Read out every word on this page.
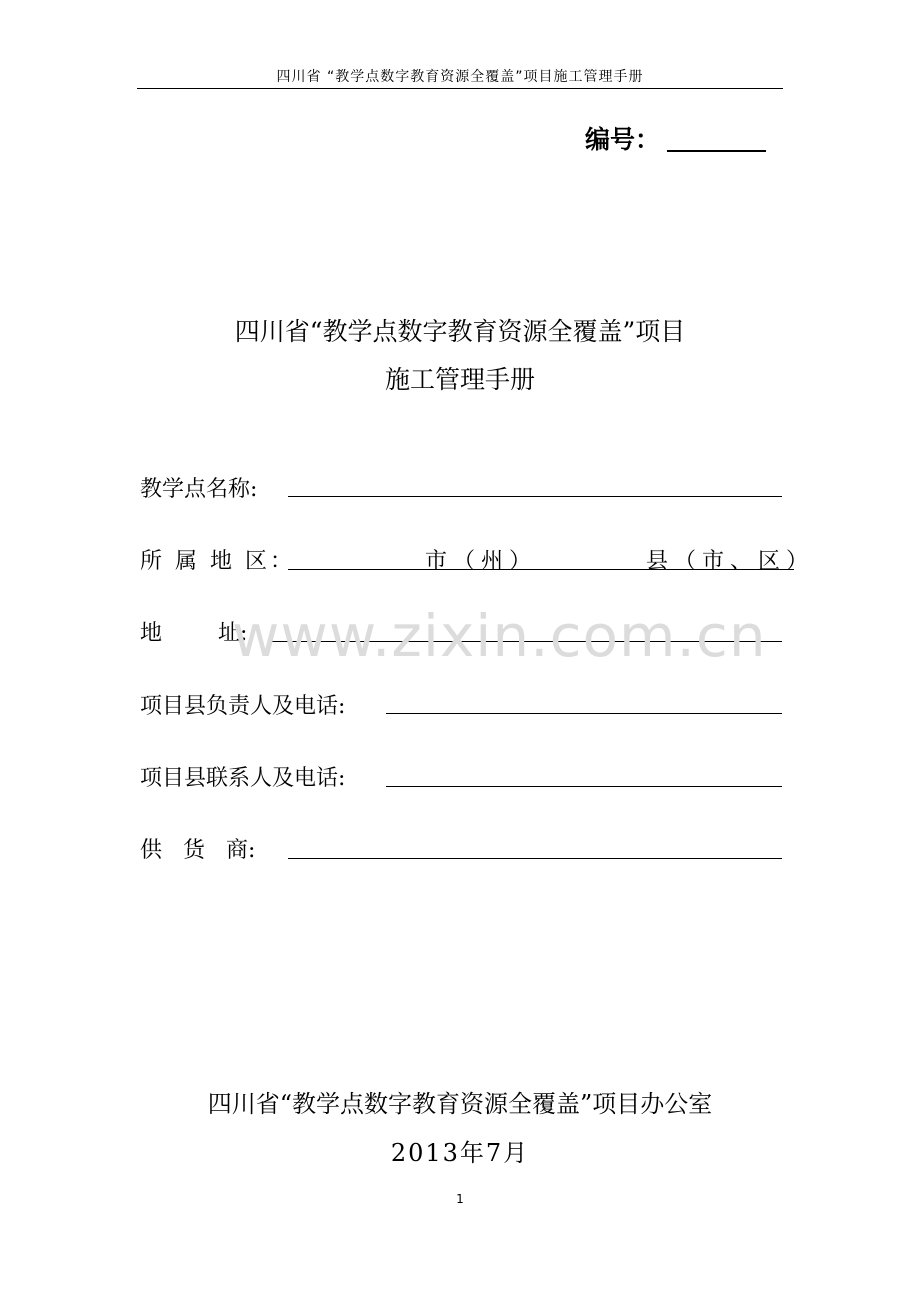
四川省 “教学点数字教育资源全覆盖”项目施工管理手册
编号：
四川省“教学点数字教育资源全覆盖”项目
施工管理手册
教学点名称:
所 属 地 区：	市（州）	县（市、区）
地        址:
www.zixin.com.cn
项目县负责人及电话:
项目县联系人及电话:
供   货   商:
四川省“教学点数字教育资源全覆盖”项目办公室
2013年7月
1
